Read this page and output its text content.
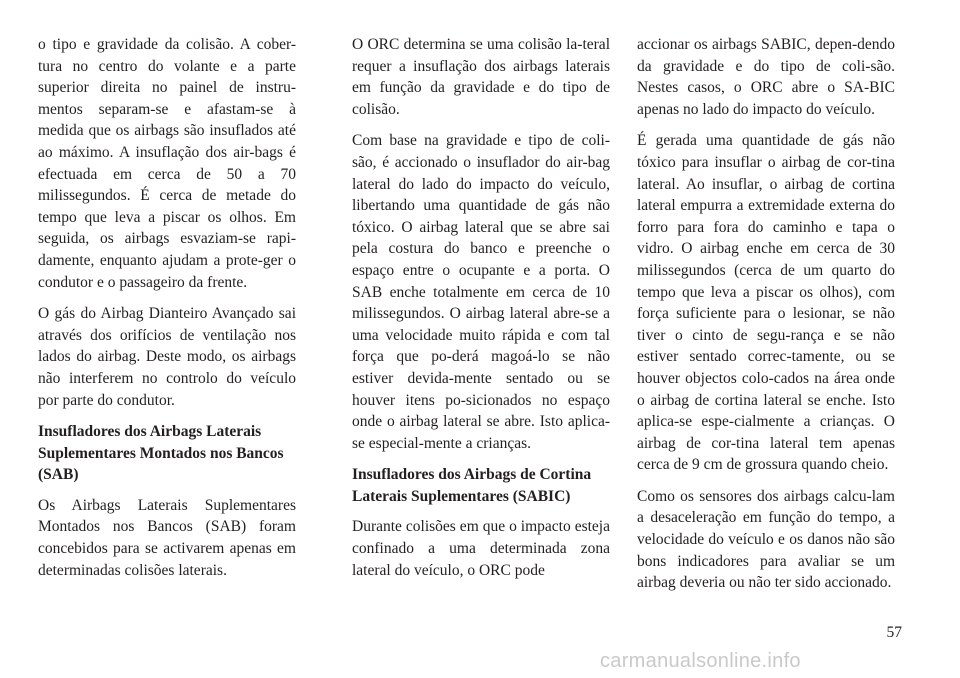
o tipo e gravidade da colisão. A cober-tura no centro do volante e a parte superior direita no painel de instru-mentos separam-se e afastam-se à medida que os airbags são insuflados até ao máximo. A insuflação dos air-bags é efectuada em cerca de 50 a 70 milissegundos. É cerca de metade do tempo que leva a piscar os olhos. Em seguida, os airbags esvaziam-se rapi-damente, enquanto ajudam a prote-ger o condutor e o passageiro da frente.

O gás do Airbag Dianteiro Avançado sai através dos orifícios de ventilação nos lados do airbag. Deste modo, os airbags não interferem no controlo do veículo por parte do condutor.

Insufladores dos Airbags Laterais Suplementares Montados nos Bancos (SAB)

Os Airbags Laterais Suplementares Montados nos Bancos (SAB) foram concebidos para se activarem apenas em determinadas colisões laterais.

O ORC determina se uma colisão la-teral requer a insuflação dos airbags laterais em função da gravidade e do tipo de colisão.

Com base na gravidade e tipo de coli-são, é accionado o insuflador do air-bag lateral do lado do impacto do veículo, libertando uma quantidade de gás não tóxico. O airbag lateral que se abre sai pela costura do banco e preenche o espaço entre o ocupante e a porta. O SAB enche totalmente em cerca de 10 milissegundos. O airbag lateral abre-se a uma velocidade muito rápida e com tal força que po-derá magoá-lo se não estiver devida-mente sentado ou se houver itens po-sicionados no espaço onde o airbag lateral se abre. Isto aplica-se especial-mente a crianças.

Insufladores dos Airbags de Cortina Laterais Suplementares (SABIC)

Durante colisões em que o impacto esteja confinado a uma determinada zona lateral do veículo, o ORC pode

accionar os airbags SABIC, depen-dendo da gravidade e do tipo de coli-são. Nestes casos, o ORC abre o SA-BIC apenas no lado do impacto do veículo.

É gerada uma quantidade de gás não tóxico para insuflar o airbag de cor-tina lateral. Ao insuflar, o airbag de cortina lateral empurra a extremidade externa do forro para fora do caminho e tapa o vidro. O airbag enche em cerca de 30 milissegundos (cerca de um quarto do tempo que leva a piscar os olhos), com força suficiente para o lesionar, se não tiver o cinto de segu-rança e se não estiver sentado correc-tamente, ou se houver objectos colo-cados na área onde o airbag de cortina lateral se enche. Isto aplica-se espe-cialmente a crianças. O airbag de cor-tina lateral tem apenas cerca de 9 cm de grossura quando cheio.

Como os sensores dos airbags calcu-lam a desaceleração em função do tempo, a velocidade do veículo e os danos não são bons indicadores para avaliar se um airbag deveria ou não ter sido accionado.

57
carmanualsonline.info
